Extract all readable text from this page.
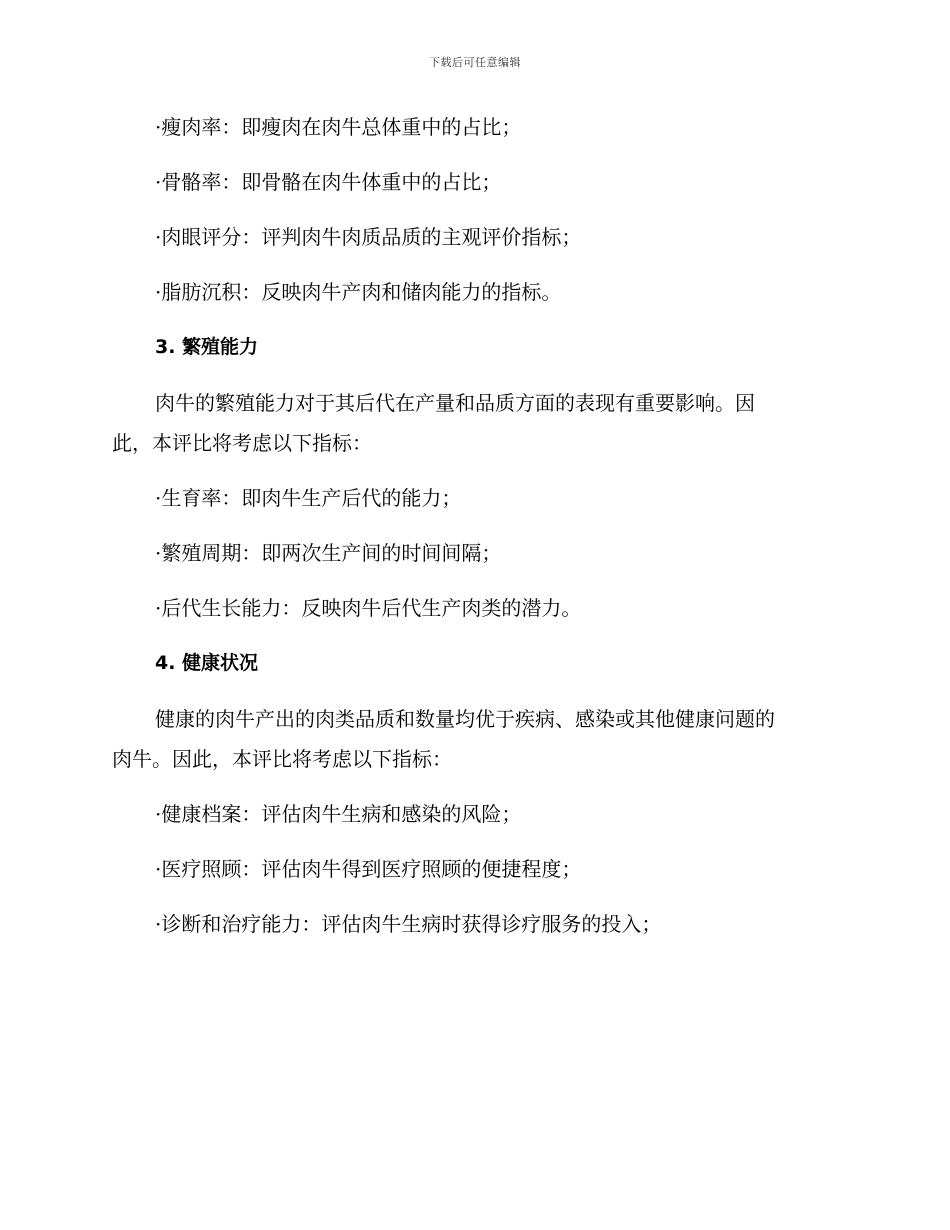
下载后可任意编辑
·瘦肉率：即瘦肉在肉牛总体重中的占比；
·骨骼率：即骨骼在肉牛体重中的占比；
·肉眼评分：评判肉牛肉质品质的主观评价指标；
·脂肪沉积：反映肉牛产肉和储肉能力的指标。
3. 繁殖能力
肉牛的繁殖能力对于其后代在产量和品质方面的表现有重要影响。因
此，本评比将考虑以下指标：
·生育率：即肉牛生产后代的能力；
·繁殖周期：即两次生产间的时间间隔；
·后代生长能力：反映肉牛后代生产肉类的潜力。
4. 健康状况
健康的肉牛产出的肉类品质和数量均优于疾病、感染或其他健康问题的
肉牛。因此，本评比将考虑以下指标：
·健康档案：评估肉牛生病和感染的风险；
·医疗照顾：评估肉牛得到医疗照顾的便捷程度；
·诊断和治疗能力：评估肉牛生病时获得诊疗服务的投入；
